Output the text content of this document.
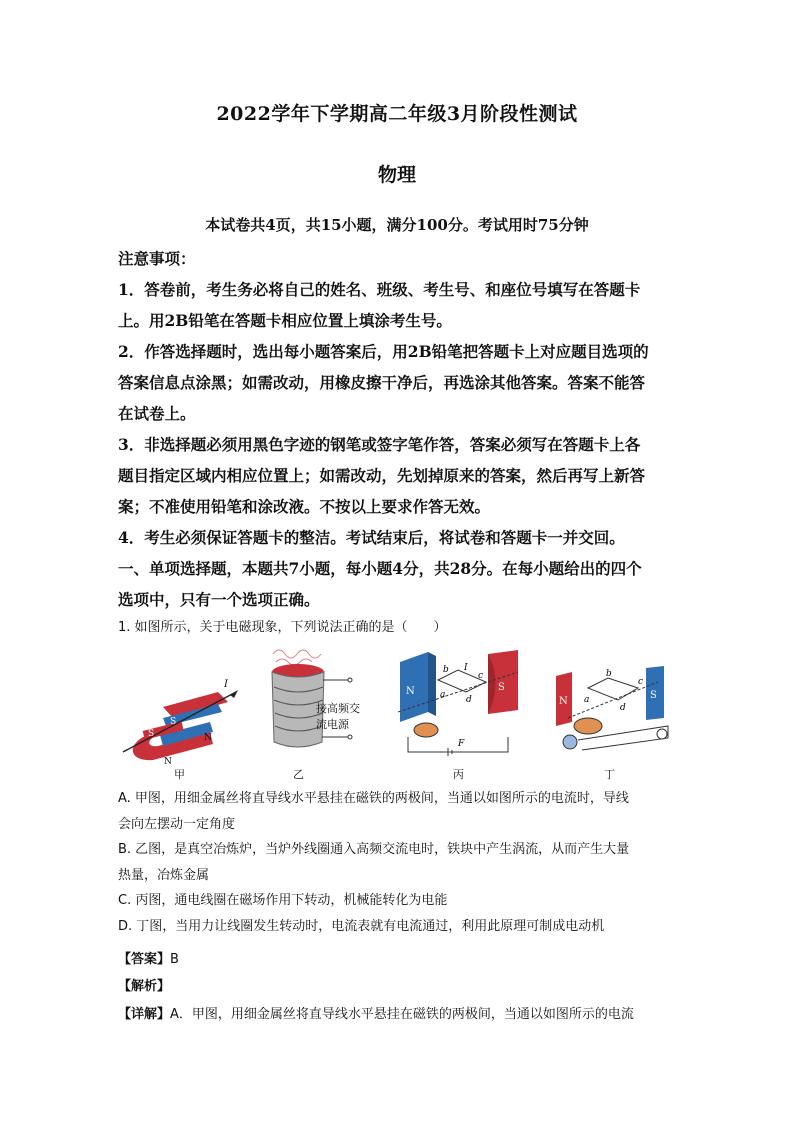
2022学年下学期高二年级3月阶段性测试
物理
本试卷共4页，共15小题，满分100分。考试用时75分钟
注意事项：
1．答卷前，考生务必将自己的姓名、班级、考生号、和座位号填写在答题卡
上。用2B铅笔在答题卡相应位置上填涂考生号。
2．作答选择题时，选出每小题答案后，用2B铅笔把答题卡上对应题目选项的
答案信息点涂黑；如需改动，用橡皮擦干净后，再选涂其他答案。答案不能答
在试卷上。
3．非选择题必须用黑色字迹的钢笔或签字笔作答，答案必须写在答题卡上各
题目指定区域内相应位置上；如需改动，先划掉原来的答案，然后再写上新答
案；不准使用铅笔和涂改液。不按以上要求作答无效。
4．考生必须保证答题卡的整洁。考试结束后，将试卷和答题卡一并交回。
一、单项选择题，本题共7小题，每小题4分，共28分。在每小题给出的四个
选项中，只有一个选项正确。
1. 如图所示，关于电磁现象，下列说法正确的是（　　）
I
S
S
N
N
甲
接高频交
流电源
乙
N	S
a
b
c
d
F
I
丙
N
S
a
b
c
d
丁
A. 甲图，用细金属丝将直导线水平悬挂在磁铁的两极间，当通以如图所示的电流时，导线
会向左摆动一定角度
B. 乙图，是真空冶炼炉，当炉外线圈通入高频交流电时，铁块中产生涡流，从而产生大量
热量，冶炼金属
C. 丙图，通电线圈在磁场作用下转动，机械能转化为电能
D. 丁图，当用力让线圈发生转动时，电流表就有电流通过，利用此原理可制成电动机
【答案】B
【解析】
【详解】A．甲图，用细金属丝将直导线水平悬挂在磁铁的两极间，当通以如图所示的电流
